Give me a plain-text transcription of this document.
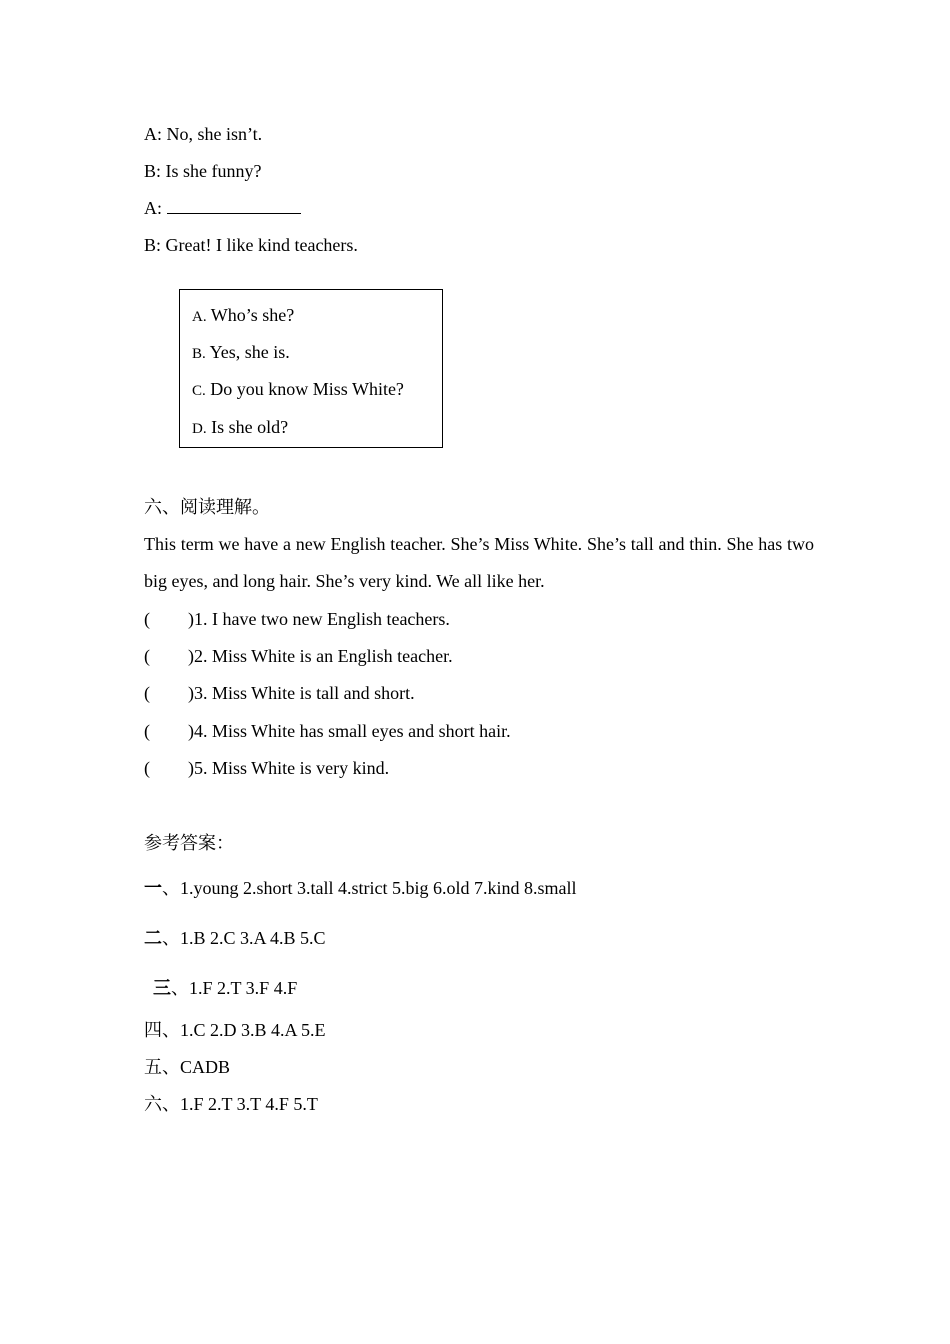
A: No, she isn’t.
B: Is she funny?
A:
B: Great! I like kind teachers.
A. Who’s she?
B. Yes, she is.
C. Do you know Miss White?
D. Is she old?
六、阅读理解。
This term we have a new English teacher. She’s Miss White. She’s tall and thin. She has two big eyes, and long hair. She’s very kind. We all like her.
( )1. I have two new English teachers.
( )2. Miss White is an English teacher.
( )3. Miss White is tall and short.
( )4. Miss White has small eyes and short hair.
( )5. Miss White is very kind.
参考答案：
一、1.young 2.short 3.tall 4.strict 5.big 6.old 7.kind 8.small
二、1.B 2.C 3.A 4.B 5.C
三、1.F 2.T 3.F 4.F
四、1.C 2.D 3.B 4.A 5.E
五、CADB
六、1.F 2.T 3.T 4.F 5.T
